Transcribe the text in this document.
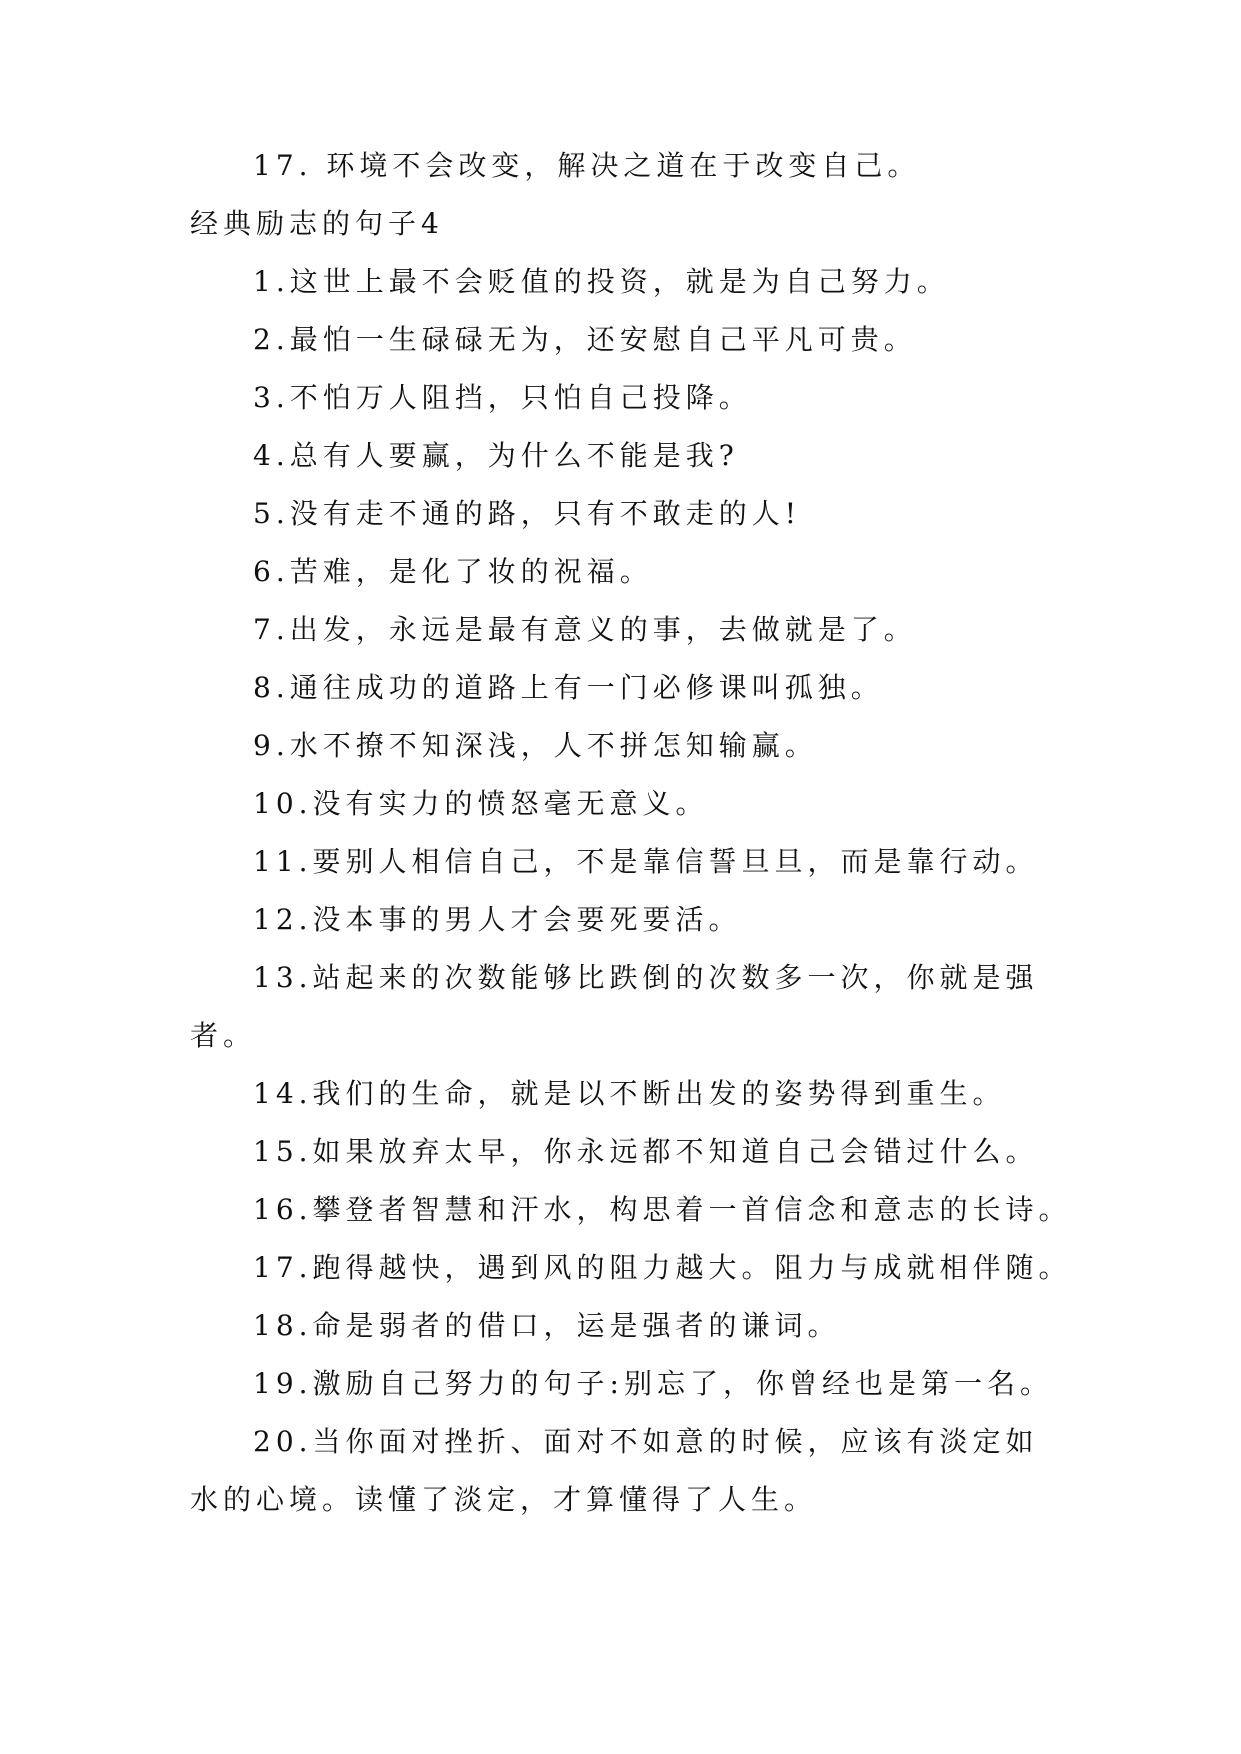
17. 环境不会改变，解决之道在于改变自己。
经典励志的句子4
1.这世上最不会贬值的投资，就是为自己努力。
2.最怕一生碌碌无为，还安慰自己平凡可贵。
3.不怕万人阻挡，只怕自己投降。
4.总有人要赢，为什么不能是我?
5.没有走不通的路，只有不敢走的人!
6.苦难，是化了妆的祝福。
7.出发，永远是最有意义的事，去做就是了。
8.通往成功的道路上有一门必修课叫孤独。
9.水不撩不知深浅，人不拼怎知输赢。
10.没有实力的愤怒毫无意义。
11.要别人相信自己，不是靠信誓旦旦，而是靠行动。
12.没本事的男人才会要死要活。
13.站起来的次数能够比跌倒的次数多一次，你就是强
者。
14.我们的生命，就是以不断出发的姿势得到重生。
15.如果放弃太早，你永远都不知道自己会错过什么。
16.攀登者智慧和汗水，构思着一首信念和意志的长诗。
17.跑得越快，遇到风的阻力越大。阻力与成就相伴随。
18.命是弱者的借口，运是强者的谦词。
19.激励自己努力的句子:别忘了，你曾经也是第一名。
20.当你面对挫折、面对不如意的时候，应该有淡定如
水的心境。读懂了淡定，才算懂得了人生。
